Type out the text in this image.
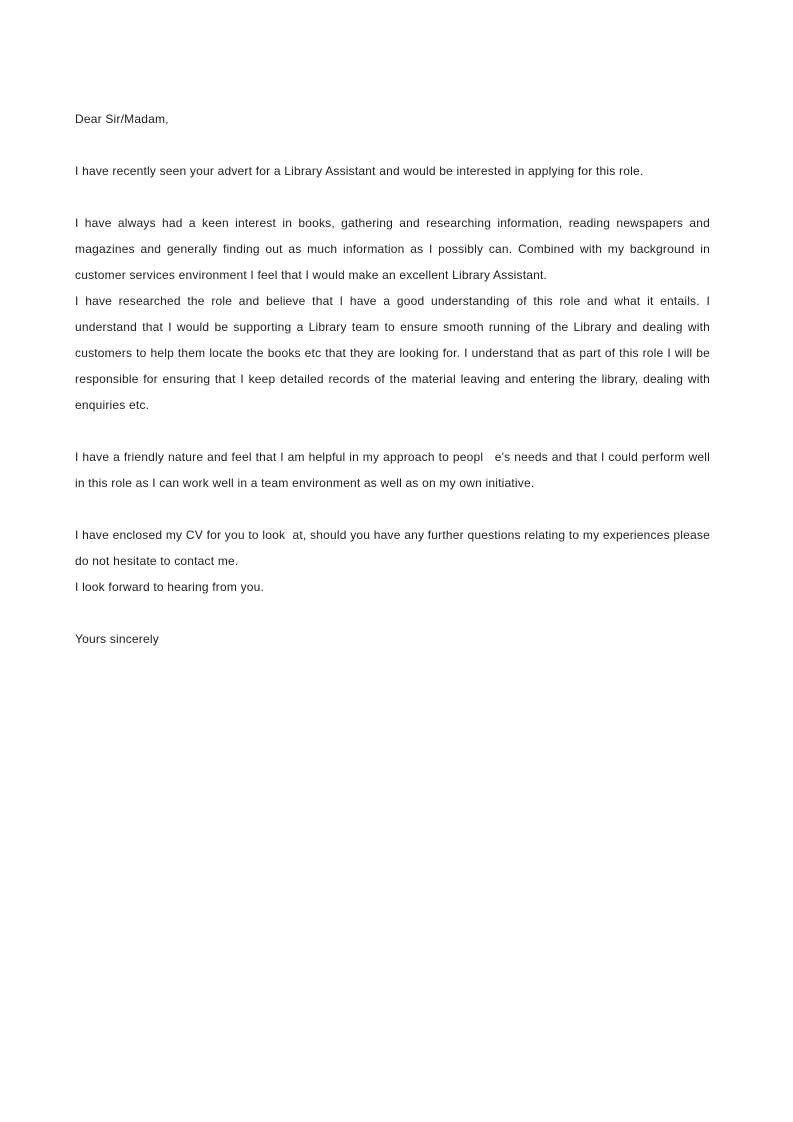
Dear Sir/Madam,

I have recently seen your advert for a Library Assistant and would be interested in applying for this role.

I have always had a keen interest in books, gathering and researching information, reading newspapers and magazines and generally finding out as much information as I possibly can. Combined with my background in customer services environment I feel that I would make an excellent Library Assistant.

I have researched the role and believe that I have a good understanding of this role and what it entails. I understand that I would be supporting a Library team to ensure smooth running of the Library and dealing with customers to help them locate the books etc that they are looking for. I understand that as part of this role I will be responsible for ensuring that I keep detailed records of the material leaving and entering the library, dealing with enquiries etc.

I have a friendly nature and feel that I am helpful in my approach to peopl   e's needs and that I could perform well in this role as I can work well in a team environment as well as on my own initiative.

I have enclosed my CV for you to look  at, should you have any further questions relating to my experiences please do not hesitate to contact me.

I look forward to hearing from you.

Yours sincerely
